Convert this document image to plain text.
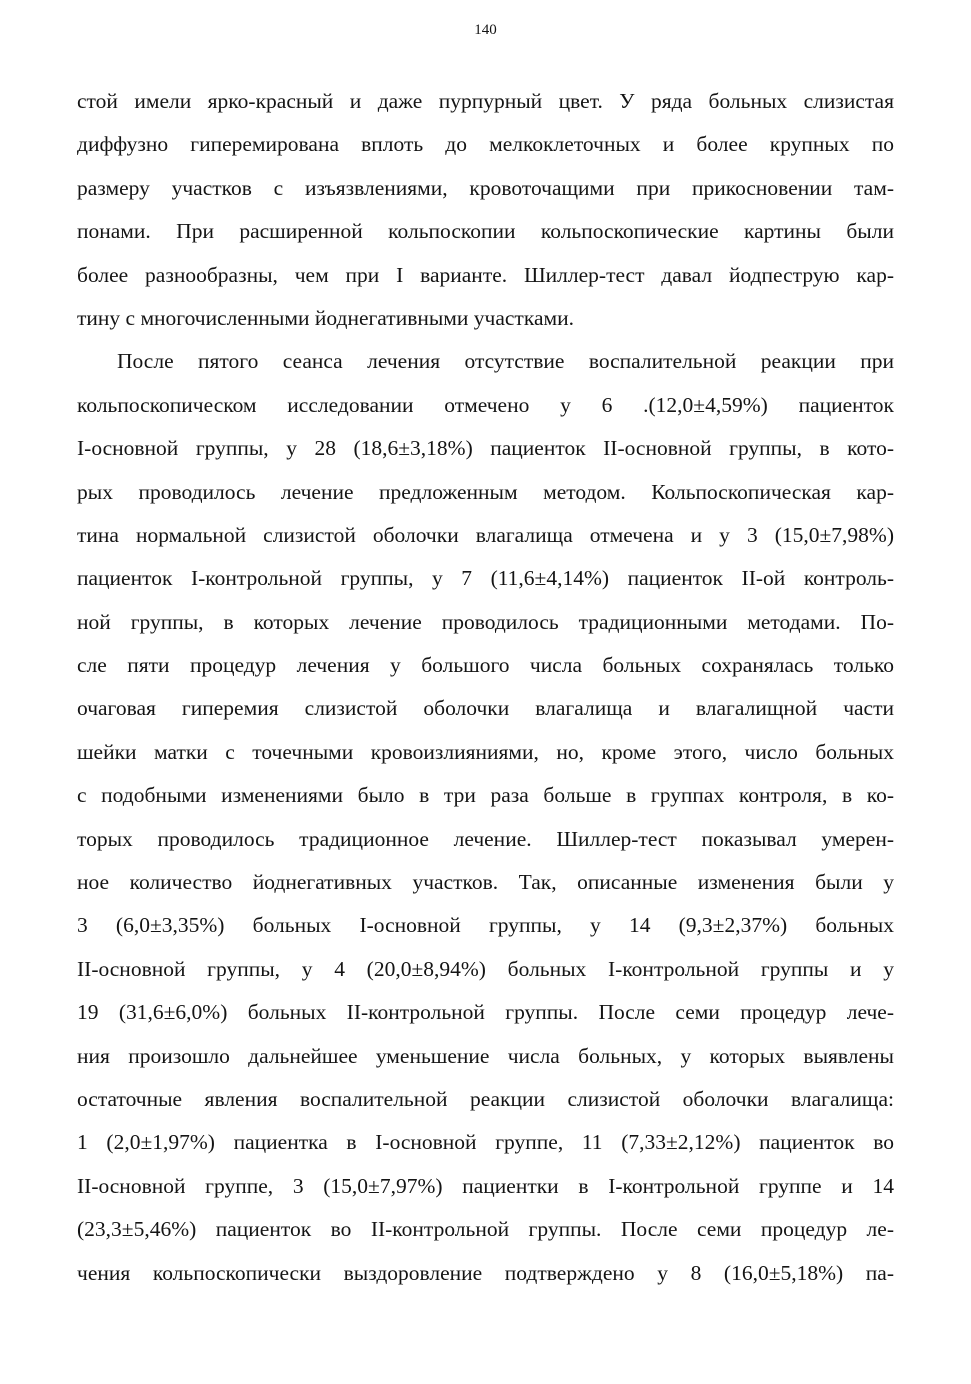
140

стой имели ярко-красный и даже пурпурный цвет. У ряда больных слизистая
диффузно гиперемирована вплоть до мелкоклеточных и более крупных по
размеру участков с изъязвлениями, кровоточащими при прикосновении там-
понами. При расширенной кольпоскопии кольпоскопические картины были
более разнообразны, чем при I варианте. Шиллер-тест давал йодпеструю кар-
тину с многочисленными йоднегативными участками.

После пятого сеанса лечения отсутствие воспалительной реакции при
кольпоскопическом исследовании отмечено у 6 .(12,0±4,59%) пациенток
I-основной группы, у 28 (18,6±3,18%) пациенток II-основной группы, в кото-
рых проводилось лечение предложенным методом. Кольпоскопическая кар-
тина нормальной слизистой оболочки влагалища отмечена и у 3 (15,0±7,98%)
пациенток I-контрольной группы, у 7 (11,6±4,14%) пациенток II-ой контроль-
ной группы, в которых лечение проводилось традиционными методами. По-
сле пяти процедур лечения у большого числа больных сохранялась только
очаговая гиперемия слизистой оболочки влагалища и влагалищной части
шейки матки с точечными кровоизлияниями, но, кроме этого, число больных
с подобными изменениями было в три раза больше в группах контроля, в ко-
торых проводилось традиционное лечение. Шиллер-тест показывал умерен-
ное количество йоднегативных участков. Так, описанные изменения были у
3 (6,0±3,35%) больных I-основной группы, у 14 (9,3±2,37%) больных
II-основной группы, у 4 (20,0±8,94%) больных I-контрольной группы и у
19 (31,6±6,0%) больных II-контрольной группы. После семи процедур лече-
ния произошло дальнейшее уменьшение числа больных, у которых выявлены
остаточные явления воспалительной реакции слизистой оболочки влагалища:
1 (2,0±1,97%) пациентка в I-основной группе, 11 (7,33±2,12%) пациенток во
II-основной группе, 3 (15,0±7,97%) пациентки в I-контрольной группе и 14
(23,3±5,46%) пациенток во II-контрольной группы. После семи процедур ле-
чения кольпоскопически выздоровление подтверждено у 8 (16,0±5,18%) па-
